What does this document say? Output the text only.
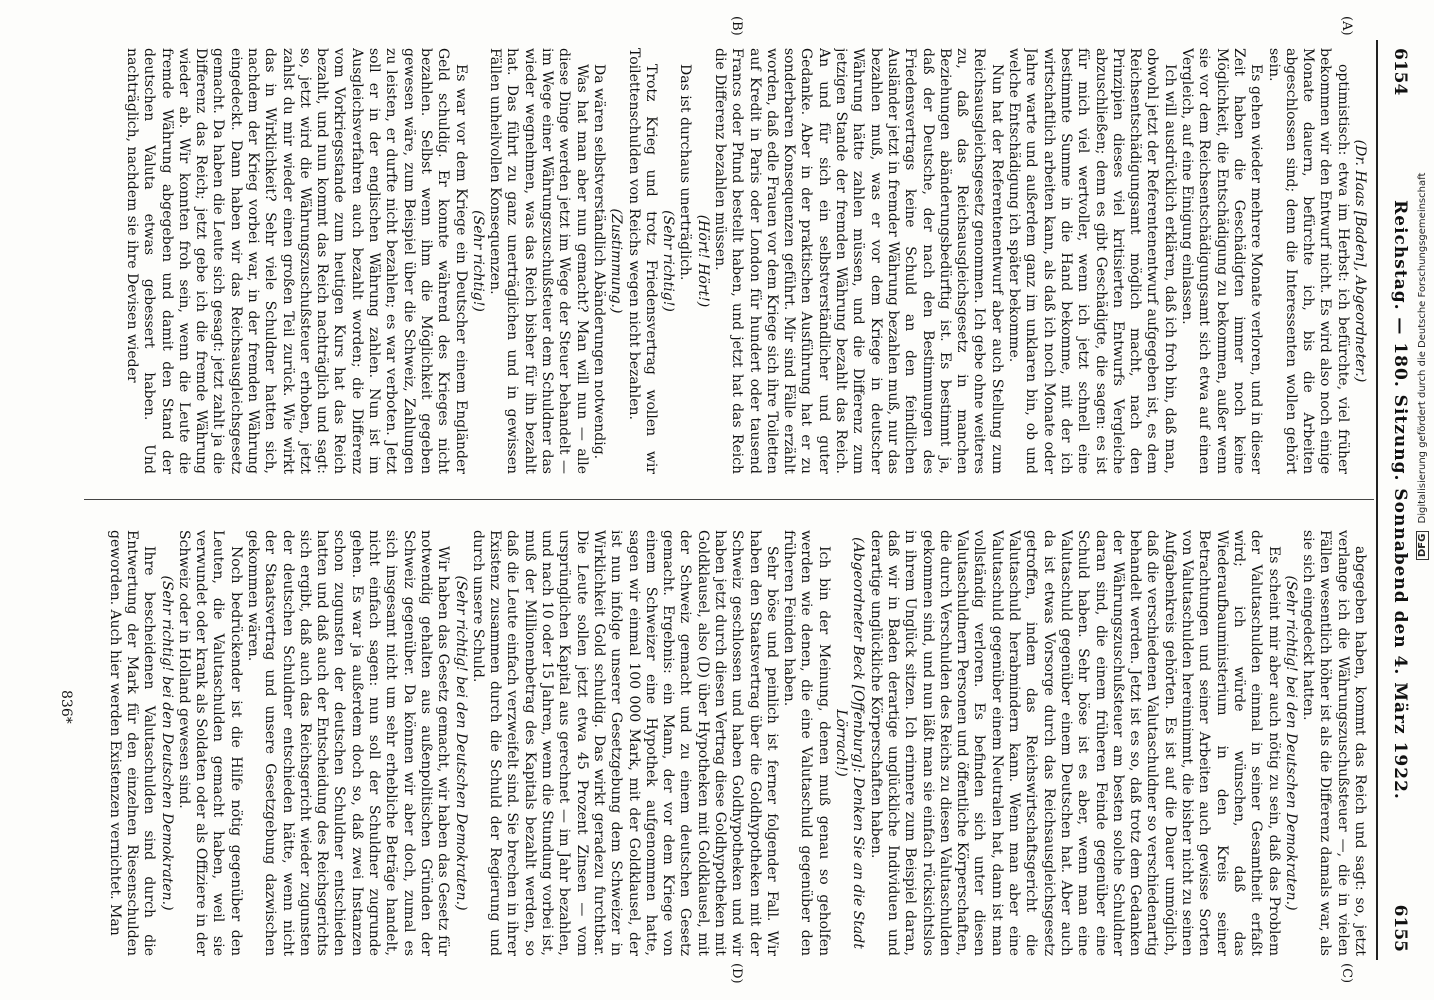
6154
Reichstag. — 180. Sitzung. Sonnabend den 4. März 1922.
6155
(A)
(B)
(C)
(D)

(Dr. Haas [Baden], Abgeordneter.)

optimistisch: etwa im Herbst: ich befürchte, viel früher bekommen wir den Entwurf nicht. Es wird also noch einige Monate dauern, befürchte ich, bis die Arbeiten abgeschlossen sind; denn die Interessenten wollen gehört sein.

Es gehen wieder mehrere Monate verloren, und in dieser Zeit haben die Geschädigten immer noch keine Möglichkeit, die Entschädigung zu bekommen, außer wenn sie vor dem Reichsentschädigungsamt sich etwa auf einen Vergleich, auf eine Einigung einlassen.

Ich will ausdrücklich erklären, daß ich froh bin, daß man, obwohl jetzt der Referentenentwurf aufgegeben ist, es dem Reichsentschädigungsamt möglich macht, nach den Prinzipien dieses viel kritisierten Entwurfs Vergleiche abzuschließen; denn es gibt Geschädigte, die sagen: es ist für mich viel wertvoller, wenn ich jetzt schnell eine bestimmte Summe in die Hand bekomme, mit der ich wirtschaftlich arbeiten kann, als daß ich noch Monate oder Jahre warte und außerdem ganz im unklaren bin, ob und welche Entschädigung ich später bekomme.

Nun hat der Referentenentwurf aber auch Stellung zum Reichsausgleichsgesetz genommen. Ich gebe ohne weiteres zu, daß das Reichsausgleichsgesetz in manchen Beziehungen abänderungsbedürftig ist. Es bestimmt ja, daß der Deutsche, der nach den Bestimmungen des Friedensvertrags keine Schuld an den feindlichen Ausländer jetzt in fremder Währung bezahlen muß, nur das bezahlen muß, was er vor dem Kriege in deutscher Währung hätte zahlen müssen, und die Differenz zum jetzigen Stande der fremden Währung bezahlt das Reich. An und für sich ein selbstverständlicher und guter Gedanke. Aber in der praktischen Ausführung hat er zu sonderbaren Konsequenzen geführt. Mir sind Fälle erzählt worden, daß edle Frauen vor dem Kriege sich ihre Toiletten auf Kredit in Paris oder London für hundert oder tausend Francs oder Pfund bestellt haben, und jetzt hat das Reich die Differenz bezahlen müssen.

(Hört! Hört!)

Das ist durchaus unerträglich.

(Sehr richtig!)

Trotz Krieg und trotz Friedensvertrag wollen wir Toilettenschulden von Reichs wegen nicht bezahlen.

(Zustimmung.)

Da wären selbstverständlich Abänderungen notwendig.

Was hat man aber nun gemacht? Man will nun — alle diese Dinge werden jetzt im Wege der Steuer behandelt — im Wege einer Währungszuschußsteuer dem Schuldner das wieder wegnehmen, was das Reich bisher für ihn bezahlt hat. Das führt zu ganz unerträglichen und in gewissen Fällen unheilvollen Konsequenzen.

(Sehr richtig!)

Es war vor dem Kriege ein Deutscher einem Engländer Geld schuldig. Er konnte während des Krieges nicht bezahlen. Selbst wenn ihm die Möglichkeit gegeben gewesen wäre, zum Beispiel über die Schweiz, Zahlungen zu leisten, er durfte nicht bezahlen; es war verboten. Jetzt soll er in der englischen Währung zahlen. Nun ist im Ausgleichsverfahren auch bezahlt worden; die Differenz vom Vorkriegsstande zum heutigen Kurs hat das Reich bezahlt, und nun kommt das Reich nachträglich und sagt: so, jetzt wird die Währungszuschußsteuer erhoben, jetzt zahlst du mir wieder einen großen Teil zurück. Wie wirkt das in Wirklichkeit? Sehr viele Schuldner hatten sich, nachdem der Krieg vorbei war, in der fremden Währung eingedeckt. Dann haben wir das Reichsausgleichsgesetz gemacht. Da haben die Leute sich gesagt: jetzt zahlt ja die Differenz das Reich; jetzt gebe ich die fremde Währung wieder ab. Wir konnten froh sein, wenn die Leute die fremde Währung abgegeben und damit den Stand der deutschen Valuta etwas gebessert haben. Und nachträglich, nachdem sie ihre Devisen wieder

abgegeben haben, kommt das Reich und sagt: so, jetzt verlange ich die Währungszuschußsteuer —, die in vielen Fällen wesentlich höher ist als die Differenz damals war, als sie sich eingedeckt hatten.

(Sehr richtig! bei den Deutschen Demokraten.)

Es scheint mir aber auch nötig zu sein, daß das Problem der Valutaschulden einmal in seiner Gesamtheit erfaßt wird; ich würde wünschen, daß das Wiederaufbauministerium in den Kreis seiner Betrachtungen und seiner Arbeiten auch gewisse Sorten von Valutaschulden hereinnimmt, die bisher nicht zu seinen Aufgabenkreis gehörten. Es ist auf die Dauer unmöglich, daß die verschiedenen Valutaschuldner so verschiedenartig behandelt werden. Jetzt ist es so, daß trotz dem Gedanken der Währungszuschußsteuer am besten solche Schuldner daran sind, die einem früheren Feinde gegenüber eine Schuld haben. Sehr böse ist es aber, wenn man eine Valutaschuld gegenüber einem Deutschen hat. Aber auch da ist etwas Vorsorge durch das Reichsausgleichsgesetz getroffen, indem das Reichswirtschaftsgericht die Valutaschuld herabmindern kann. Wenn man aber eine Valutaschuld gegenüber einem Neutralen hat, dann ist man vollständig verloren. Es befinden sich unter diesen Valutaschuldnern Personen und öffentliche Körperschaften, die durch Verschulden des Reichs zu diesen Valutaschulden gekommen sind, und nun läßt man sie einfach rücksichtslos in ihrem Unglück sitzen. Ich erinnere zum Beispiel daran, daß wir in Baden derartige unglückliche Individuen und derartige unglückliche Körperschaften haben.

(Abgeordneter Beck [Offenburg]: Denken Sie an die Stadt Lörrach!)

Ich bin der Meinung, denen muß genau so geholfen werden wie denen, die eine Valutaschuld gegenüber den früheren Feinden haben.

Sehr böse und peinlich ist ferner folgender Fall. Wir haben den Staatsvertrag über die Goldhypotheken mit der Schweiz geschlossen und haben Goldhypotheken und wir haben jetzt durch diesen Vertrag diese Goldhypotheken mit Goldklausel, also (D) über Hypotheken mit Goldklausel, mit der Schweiz gemacht und zu einem deutschen Gesetz gemacht. Ergebnis: ein Mann, der vor dem Kriege von einem Schweizer eine Hypothek aufgenommen hatte, sagen wir einmal 100 000 Mark, mit der Goldklausel, der ist nun infolge unserer Gesetzgebung dem Schweizer in Wirklichkeit Gold schuldig. Das wirkt geradezu furchtbar. Die Leute sollen jetzt etwa 45 Prozent Zinsen — vom ursprünglichen Kapital aus gerechnet — im Jahr bezahlen, und nach 10 oder 15 Jahren, wenn die Stundung vorbei ist, muß der Millionenbetrag des Kapitals bezahlt werden, so daß die Leute einfach verzweifelt sind. Sie brechen in ihrer Existenz zusammen durch die Schuld der Regierung und durch unsere Schuld.

(Sehr richtig! bei den Deutschen Demokraten.)

Wir haben das Gesetz gemacht, wir haben das Gesetz für notwendig gehalten aus außenpolitischen Gründen der Schweiz gegenüber. Da können wir aber doch, zumal es sich insgesamt nicht um sehr erhebliche Beträge handelt, nicht einfach sagen: nun soll der Schuldner zugrunde gehen. Es war ja außerdem doch so, daß zwei Instanzen schon zugunsten der deutschen Schuldner entschieden hatten und daß auch der Entscheidung des Reichsgerichts sich ergibt, daß auch das Reichsgericht wieder zugunsten der deutschen Schuldner entschieden hätte, wenn nicht der Staatsvertrag und unsere Gesetzgebung dazwischen gekommen wären.

Noch bedrückender ist die Hilfe nötig gegenüber den Leuten, die Valutaschulden gemacht haben, weil sie verwundet oder krank als Soldaten oder als Offiziere in der Schweiz oder in Holland gewesen sind.

(Sehr richtig! bei den Deutschen Demokraten.)

Ihre bescheidenen Valutaschulden sind durch die Entwertung der Mark für den einzelnen Riesenschulden geworden. Auch hier werden Existenzen vernichtet. Man

836*
DFG Digitalisierung gefördert durch die Deutsche Forschungsgemeinschaft
